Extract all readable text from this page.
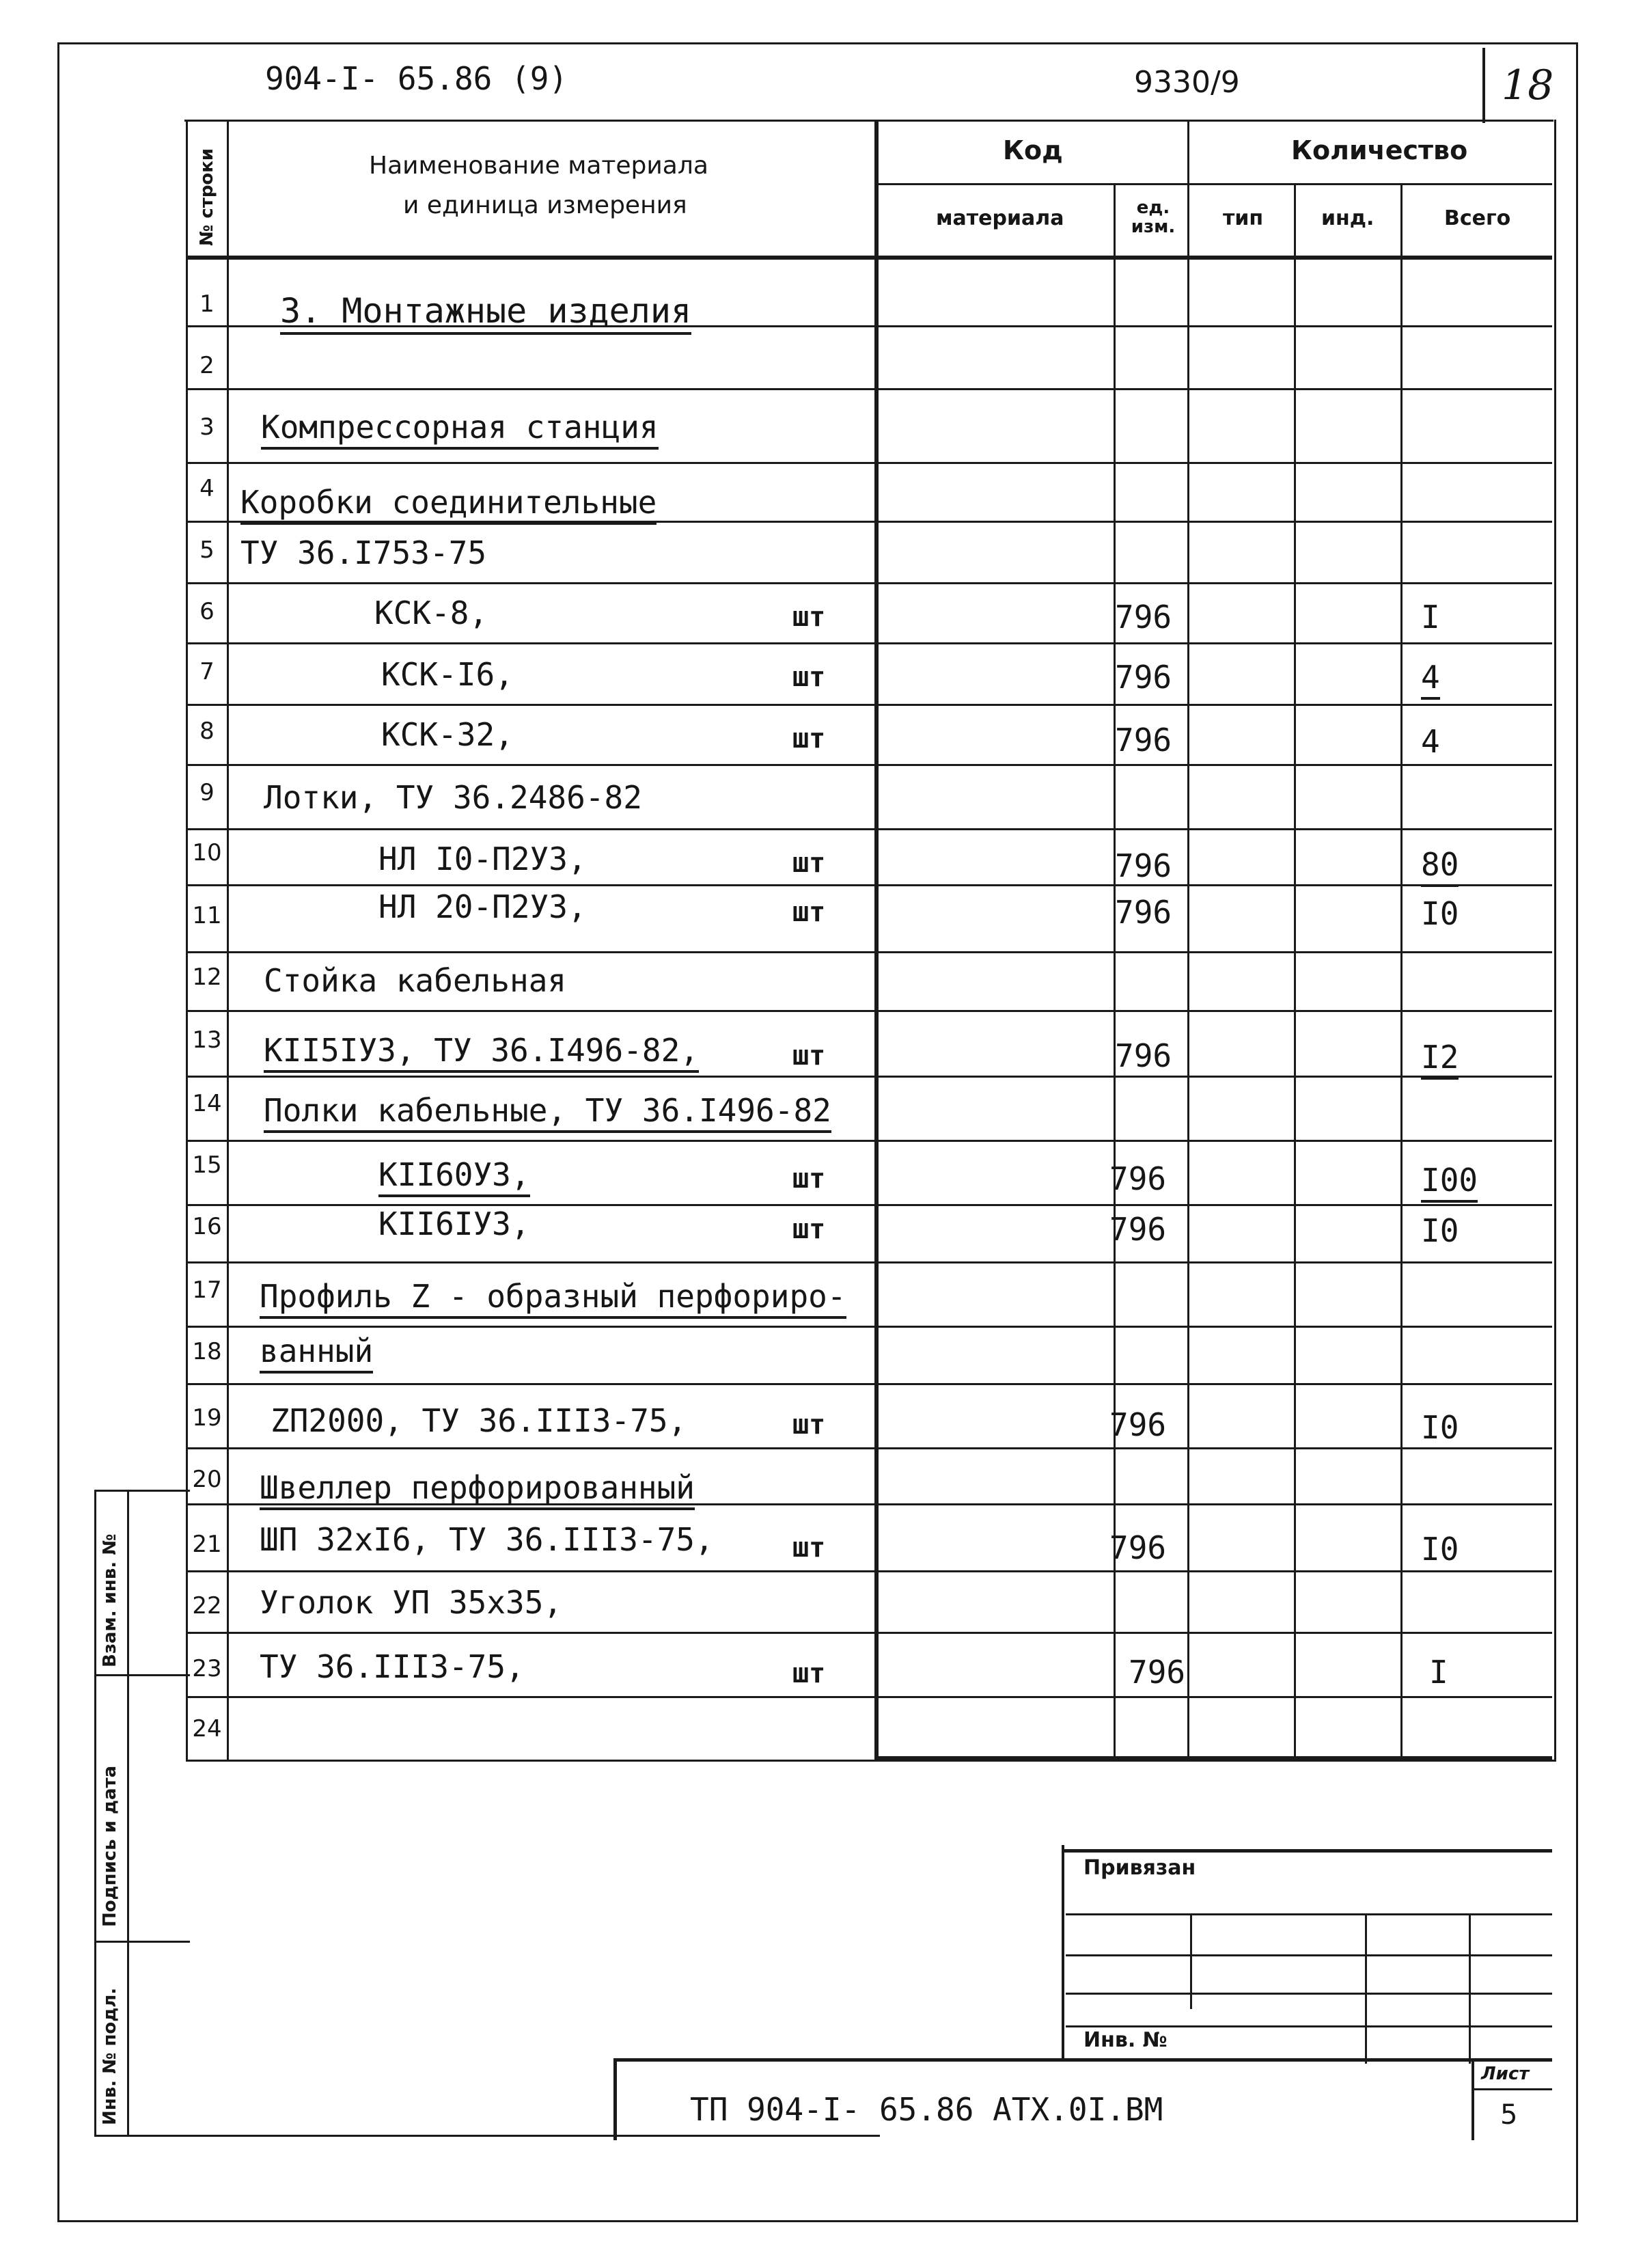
904-I- 65.86 (9)	9330/9	18
№ строки	Наименование материала
и единица измерения
Код
материала	ед. изм.
Количество
тип	инд.	Всего
1	3. Монтажные изделия
2
3	Компрессорная станция
4 Коробки соединительные
5 ТУ 36.I753-75
6	КСК-8,	шт	796	I
7	КСК-I6,	шт	796	4
8	КСК-32,	шт	796	4
9	Лотки, ТУ 36.2486-82
10	НЛ I0-П2У3,	шт	796	80
11	НЛ 20-П2У3,	шт	796	I0
12 Стойка кабельная
13 КII5IУ3, ТУ 36.I496-82,	шт	796	I2
14 Полки кабельные, ТУ 36.I496-82
15	КII60У3,	шт	796	I00
16	КII6IУ3,	шт	796	I0
17 Профиль Z - образный перфориро-
18 ванный
19 ZП2000, ТУ 36.III3-75,	шт	796	I0
20 Швеллер перфорированный
21 ШП 32хI6, ТУ 36.III3-75,	шт	796	I0
22 Уголок УП 35х35,
23 ТУ 36.III3-75,	шт	796	I
24
Взам. инв. №
Подпись и дата
Инв. № подл.
Привязан
Инв. №
ТП 904-I- 65.86 АТХ.0I.ВМ
Лист
5
